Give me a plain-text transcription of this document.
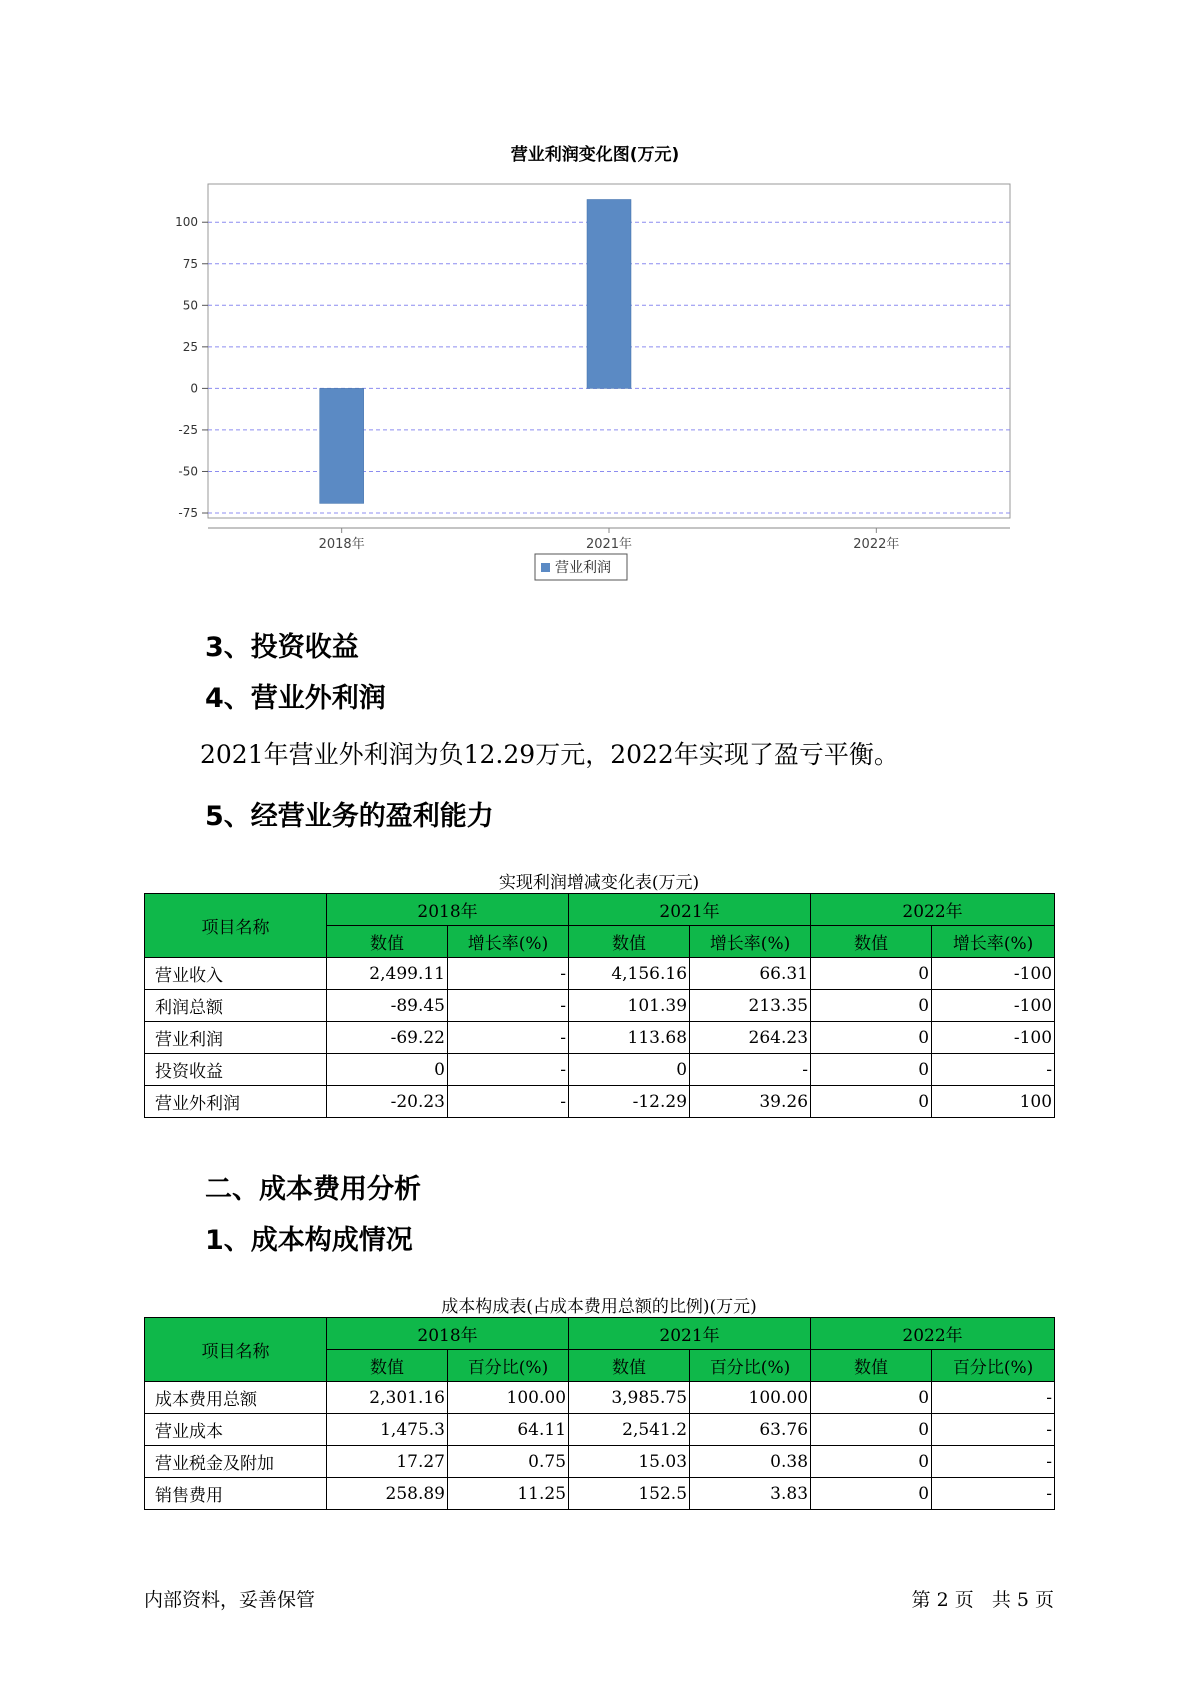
营业利润变化图(万元)
100
75
50
25
0
-25
-50
-75
2018年	2021年	2022年
营业利润
3、投资收益
4、营业外利润
2021年营业外利润为负12.29万元，2022年实现了盈亏平衡。
5、经营业务的盈利能力
实现利润增减变化表(万元)
项目名称	2018年		2021年		2022年	
	数值	增长率(%)	数值	增长率(%)	数值	增长率(%)
营业收入	2,499.11	-	4,156.16	66.31	0	-100
利润总额	-89.45	-	101.39	213.35	0	-100
营业利润	-69.22	-	113.68	264.23	0	-100
投资收益	0	-	0	-	0	-
营业外利润	-20.23	-	-12.29	39.26	0	100
二、成本费用分析
1、成本构成情况
成本构成表(占成本费用总额的比例)(万元)
项目名称	2018年		2021年		2022年	
	数值	百分比(%)	数值	百分比(%)	数值	百分比(%)
成本费用总额	2,301.16	100.00	3,985.75	100.00	0	-
营业成本	1,475.3	64.11	2,541.2	63.76	0	-
营业税金及附加	17.27	0.75	15.03	0.38	0	-
销售费用	258.89	11.25	152.5	3.83	0	-
内部资料，妥善保管	第 2 页   共 5 页
